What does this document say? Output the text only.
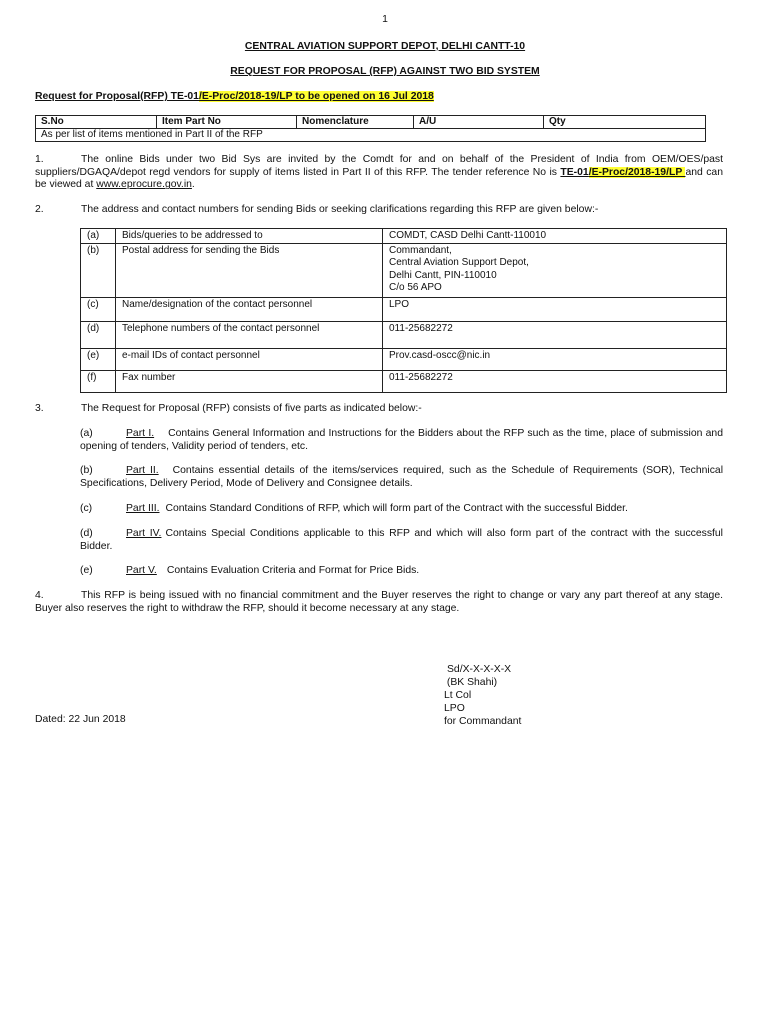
1
CENTRAL AVIATION SUPPORT DEPOT, DELHI CANTT-10
REQUEST FOR PROPOSAL (RFP) AGAINST TWO BID SYSTEM
Request for Proposal(RFP) TE-01/E-Proc/2018-19/LP to be opened on 16 Jul 2018
S.No	Item Part No	Nomenclature	A/U	Qty
As per list of items mentioned in Part II of the RFP
1.	The online Bids under two Bid Sys are invited by the Comdt for and on behalf of the President of India from OEM/OES/past suppliers/DGAQA/depot regd vendors for supply of items listed in Part II of this RFP. The tender reference No is TE-01/E-Proc/2018-19/LP and can be viewed at www.eprocure.gov.in.
2.	The address and contact numbers for sending Bids or seeking clarifications regarding this RFP are given below:-
(a)	Bids/queries to be addressed to	COMDT, CASD Delhi Cantt-110010
(b)	Postal address for sending the Bids	Commandant,
Central Aviation Support Depot,
Delhi Cantt, PIN-110010
C/o 56 APO

(c)	Name/designation of the contact personnel	LPO
(d)	Telephone numbers of the contact personnel	011-25682272
(e)	e-mail IDs of contact personnel	Prov.casd-oscc@nic.in
(f)	Fax number	011-25682272
3.	The Request for Proposal (RFP) consists of five parts as indicated below:-
(a)	Part I. Contains General Information and Instructions for the Bidders about the RFP such as the time, place of submission and opening of tenders, Validity period of tenders, etc.
(b)	Part II. Contains essential details of the items/services required, such as the Schedule of Requirements (SOR), Technical Specifications, Delivery Period, Mode of Delivery and Consignee details.
(c)	Part III. Contains Standard Conditions of RFP, which will form part of the Contract with the successful Bidder.
(d)	Part IV. Contains Special Conditions applicable to this RFP and which will also form part of the contract with the successful Bidder.
(e)	Part V. Contains Evaluation Criteria and Format for Price Bids.
4.	This RFP is being issued with no financial commitment and the Buyer reserves the right to change or vary any part thereof at any stage. Buyer also reserves the right to withdraw the RFP, should it become necessary at any stage.
Sd/X-X-X-X-X
(BK Shahi)
Lt Col
LPO
for Commandant
Dated: 22 Jun 2018
